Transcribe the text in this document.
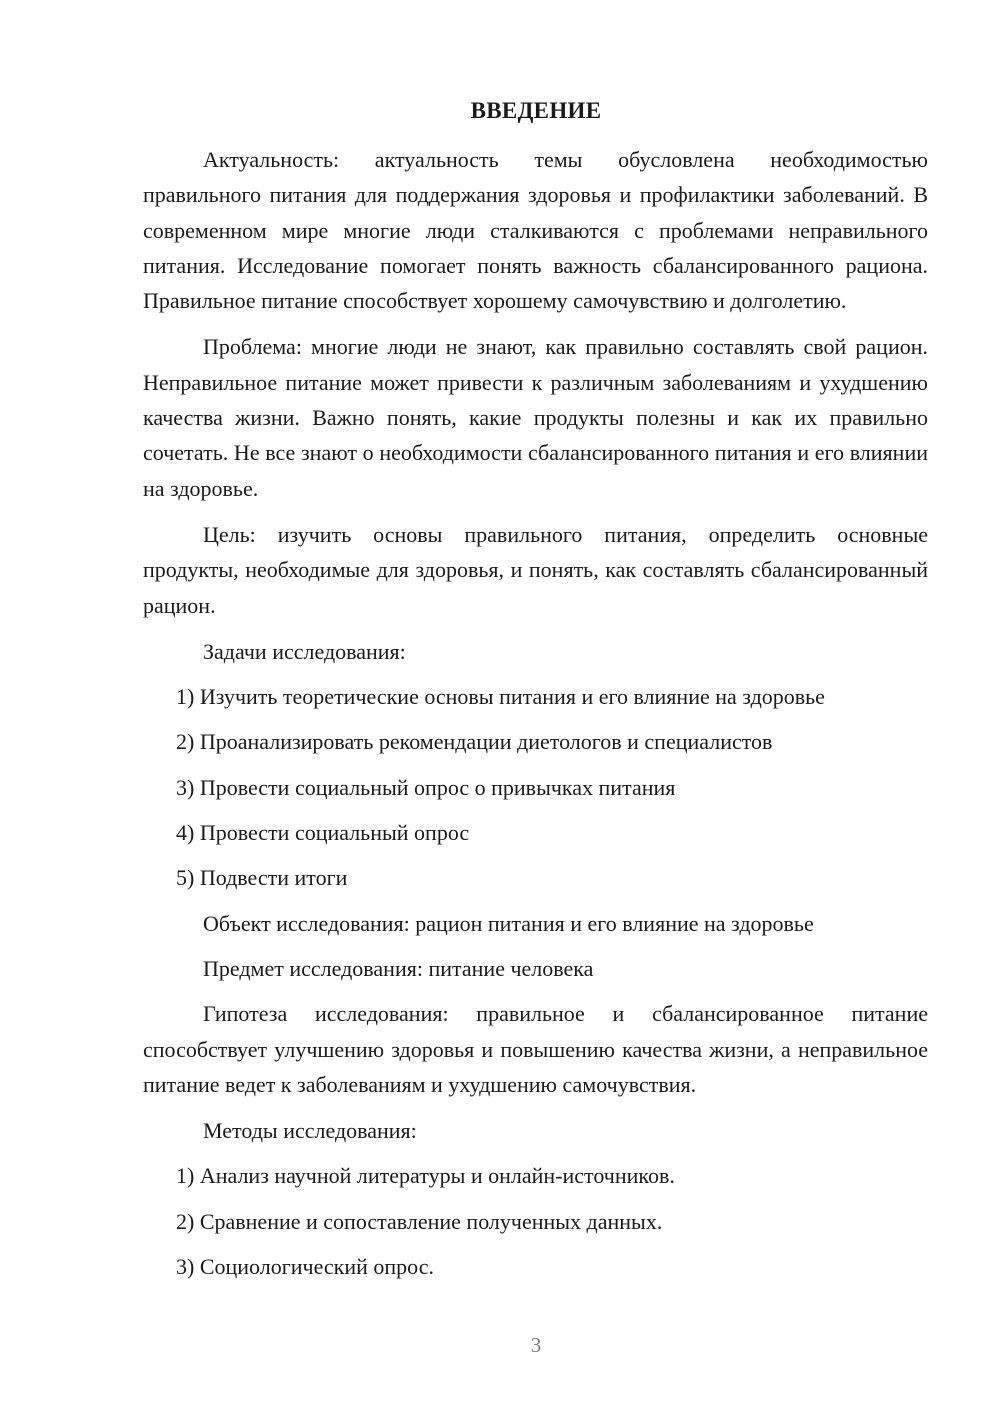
ВВЕДЕНИЕ

Актуальность: актуальность темы обусловлена необходимостью правильного питания для поддержания здоровья и профилактики заболеваний. В современном мире многие люди сталкиваются с проблемами неправильного питания. Исследование помогает понять важность сбалансированного рациона. Правильное питание способствует хорошему самочувствию и долголетию.

Проблема: многие люди не знают, как правильно составлять свой рацион. Неправильное питание может привести к различным заболеваниям и ухудшению качества жизни. Важно понять, какие продукты полезны и как их правильно сочетать. Не все знают о необходимости сбалансированного питания и его влиянии на здоровье.

Цель: изучить основы правильного питания, определить основные продукты, необходимые для здоровья, и понять, как составлять сбалансированный рацион.

Задачи исследования:

1) Изучить теоретические основы питания и его влияние на здоровье

2) Проанализировать рекомендации диетологов и специалистов

3) Провести социальный опрос о привычках питания

4) Провести социальный опрос

5) Подвести итоги

Объект исследования: рацион питания и его влияние на здоровье

Предмет исследования: питание человека

Гипотеза исследования: правильное и сбалансированное питание способствует улучшению здоровья и повышению качества жизни, а неправильное питание ведет к заболеваниям и ухудшению самочувствия.

Методы исследования:

1) Анализ научной литературы и онлайн-источников.

2) Сравнение и сопоставление полученных данных.

3) Социологический опрос.

3
